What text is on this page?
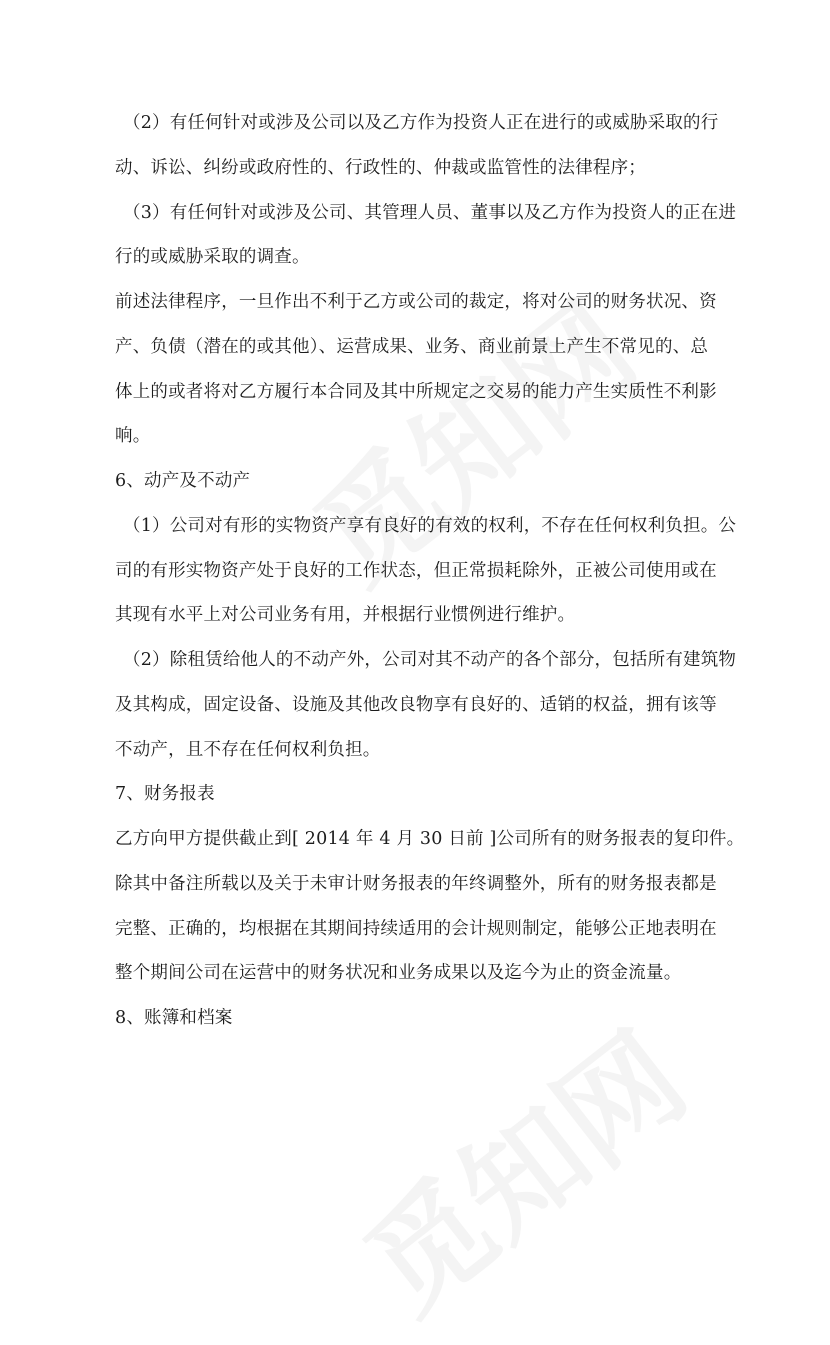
（2）有任何针对或涉及公司以及乙方作为投资人正在进行的或威胁采取的行
动、诉讼、纠纷或政府性的、行政性的、仲裁或监管性的法律程序；
（3）有任何针对或涉及公司、其管理人员、董事以及乙方作为投资人的正在进
行的或威胁采取的调查。
前述法律程序，一旦作出不利于乙方或公司的裁定，将对公司的财务状况、资
产、负债（潜在的或其他）、运营成果、业务、商业前景上产生不常见的、总
体上的或者将对乙方履行本合同及其中所规定之交易的能力产生实质性不利影
响。
6、动产及不动产
（1）公司对有形的实物资产享有良好的有效的权利，不存在任何权利负担。公
司的有形实物资产处于良好的工作状态，但正常损耗除外，正被公司使用或在
其现有水平上对公司业务有用，并根据行业惯例进行维护。
（2）除租赁给他人的不动产外，公司对其不动产的各个部分，包括所有建筑物
及其构成，固定设备、设施及其他改良物享有良好的、适销的权益，拥有该等
不动产，且不存在任何权利负担。
7、财务报表
乙方向甲方提供截止到[ 2014 年 4 月 30 日前 ]公司所有的财务报表的复印件。
除其中备注所载以及关于未审计财务报表的年终调整外，所有的财务报表都是
完整、正确的，均根据在其期间持续适用的会计规则制定，能够公正地表明在
整个期间公司在运营中的财务状况和业务成果以及迄今为止的资金流量。
8、账簿和档案
